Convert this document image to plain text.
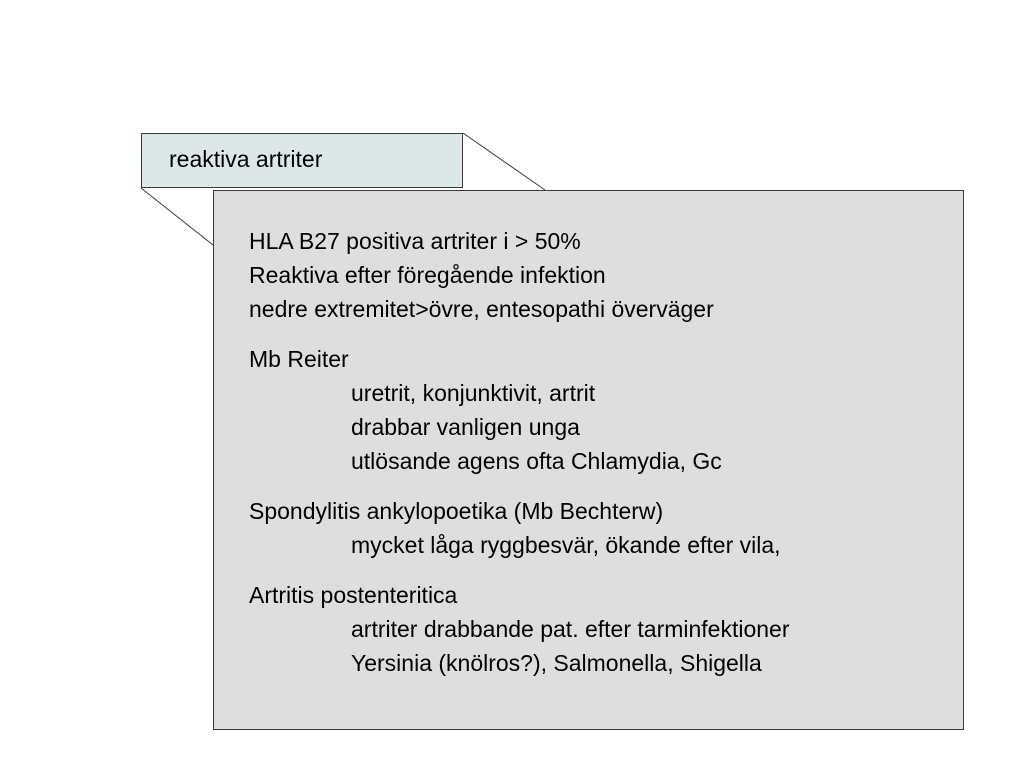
reaktiva artriter
HLA B27 positiva artriter i > 50%
Reaktiva efter föregående infektion
nedre extremitet>övre, entesopathi överväger
Mb Reiter
uretrit, konjunktivit, artrit
drabbar vanligen unga
utlösande agens ofta Chlamydia, Gc
Spondylitis ankylopoetika (Mb Bechterw)
mycket låga ryggbesvär, ökande efter vila,
Artritis postenteritica
artriter drabbande pat. efter tarminfektioner
Yersinia (knölros?), Salmonella, Shigella
